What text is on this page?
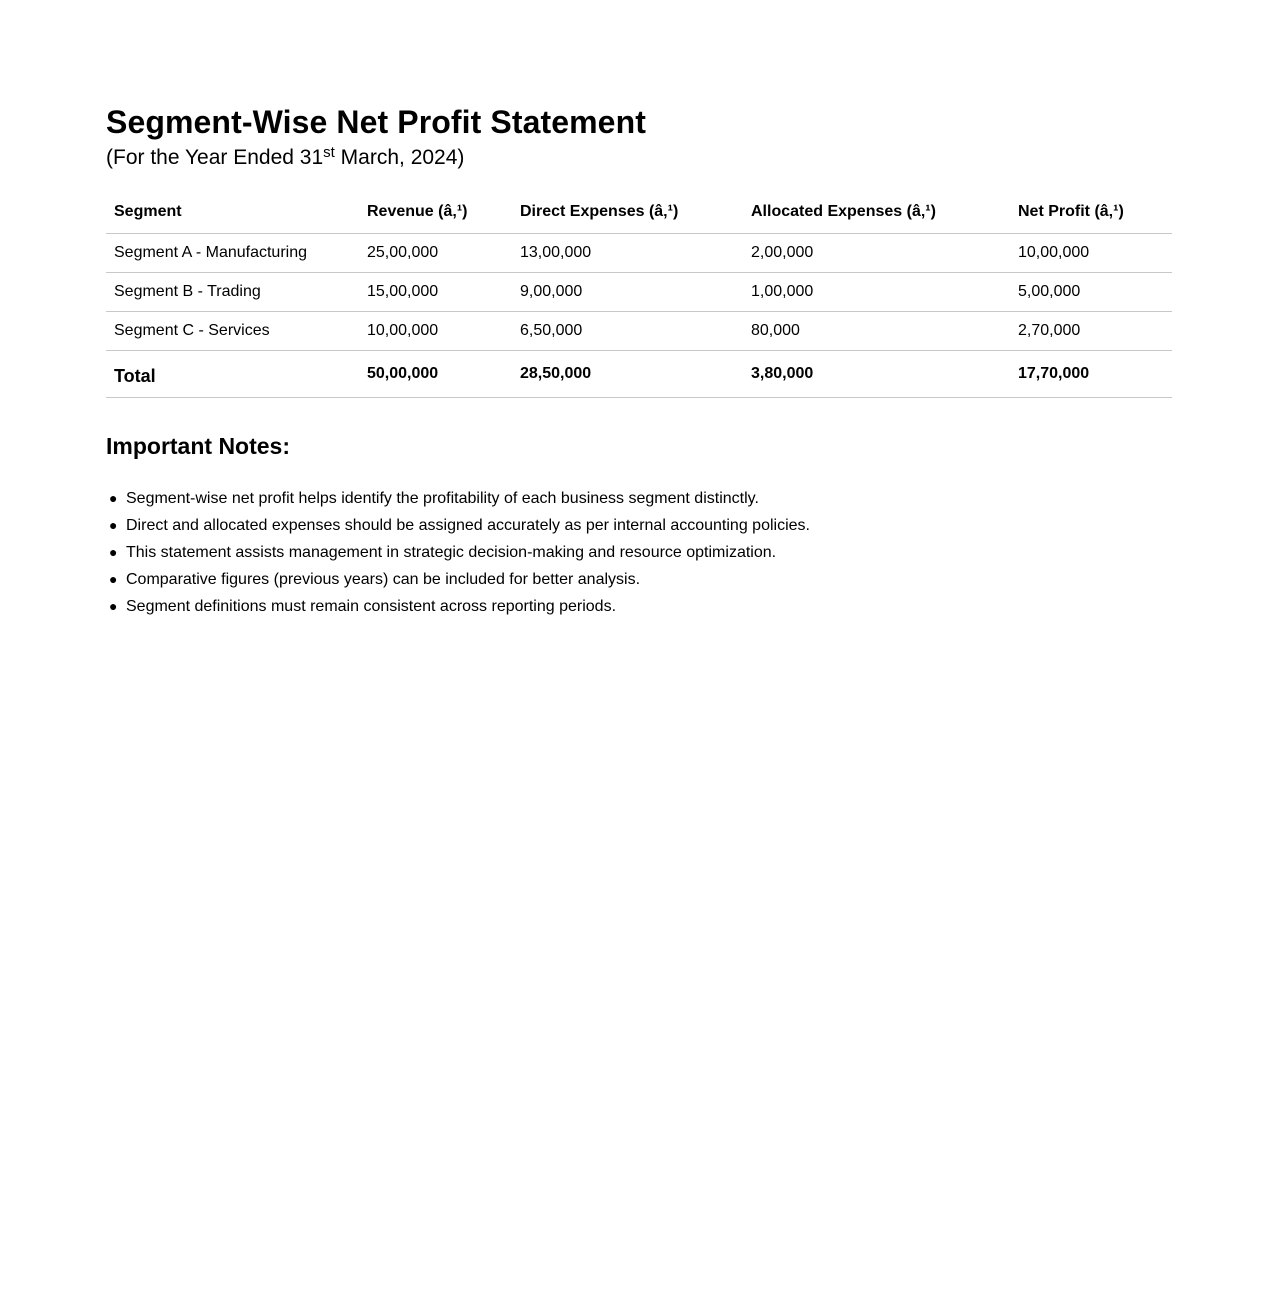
Segment-Wise Net Profit Statement
(For the Year Ended 31st March, 2024)
Segment	Revenue (â‚¹)	Direct Expenses (â‚¹)	Allocated Expenses (â‚¹)	Net Profit (â‚¹)
Segment A - Manufacturing	25,00,000	13,00,000	2,00,000	10,00,000
Segment B - Trading	15,00,000	9,00,000	1,00,000	5,00,000
Segment C - Services	10,00,000	6,50,000	80,000	2,70,000
Total	50,00,000	28,50,000	3,80,000	17,70,000
Important Notes:
● Segment-wise net profit helps identify the profitability of each business segment distinctly.
● Direct and allocated expenses should be assigned accurately as per internal accounting policies.
● This statement assists management in strategic decision-making and resource optimization.
● Comparative figures (previous years) can be included for better analysis.
● Segment definitions must remain consistent across reporting periods.
